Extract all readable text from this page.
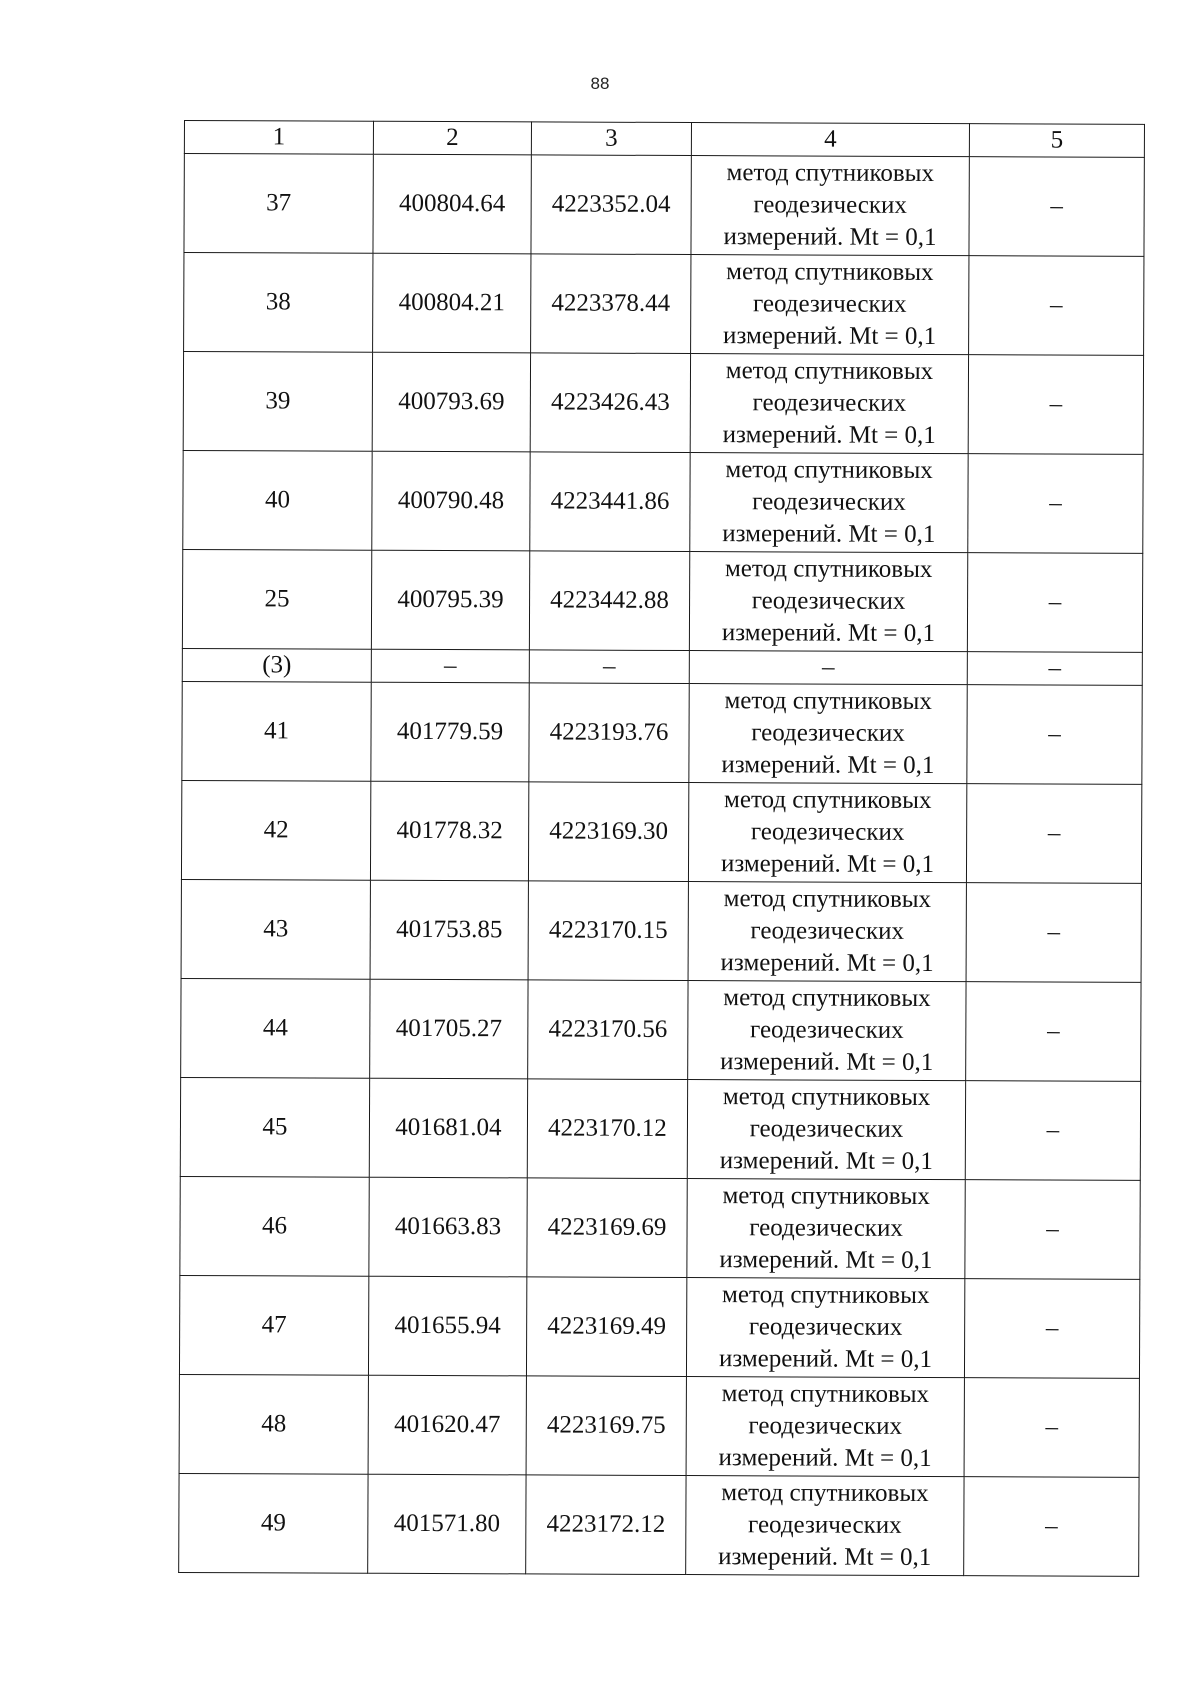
88
1	2	3	4	5
37	400804.64	4223352.04	метод спутниковых
геодезических
измерений. Mt = 0,1	–
38	400804.21	4223378.44	метод спутниковых
геодезических
измерений. Mt = 0,1	–
39	400793.69	4223426.43	метод спутниковых
геодезических
измерений. Mt = 0,1	–
40	400790.48	4223441.86	метод спутниковых
геодезических
измерений. Mt = 0,1	–
25	400795.39	4223442.88	метод спутниковых
геодезических
измерений. Mt = 0,1	–
(3)	–	–	–	–
41	401779.59	4223193.76	метод спутниковых
геодезических
измерений. Mt = 0,1	–
42	401778.32	4223169.30	метод спутниковых
геодезических
измерений. Mt = 0,1	–
43	401753.85	4223170.15	метод спутниковых
геодезических
измерений. Mt = 0,1	–
44	401705.27	4223170.56	метод спутниковых
геодезических
измерений. Mt = 0,1	–
45	401681.04	4223170.12	метод спутниковых
геодезических
измерений. Mt = 0,1	–
46	401663.83	4223169.69	метод спутниковых
геодезических
измерений. Mt = 0,1	–
47	401655.94	4223169.49	метод спутниковых
геодезических
измерений. Mt = 0,1	–
48	401620.47	4223169.75	метод спутниковых
геодезических
измерений. Mt = 0,1	–
49	401571.80	4223172.12	метод спутниковых
геодезических
измерений. Mt = 0,1	–
